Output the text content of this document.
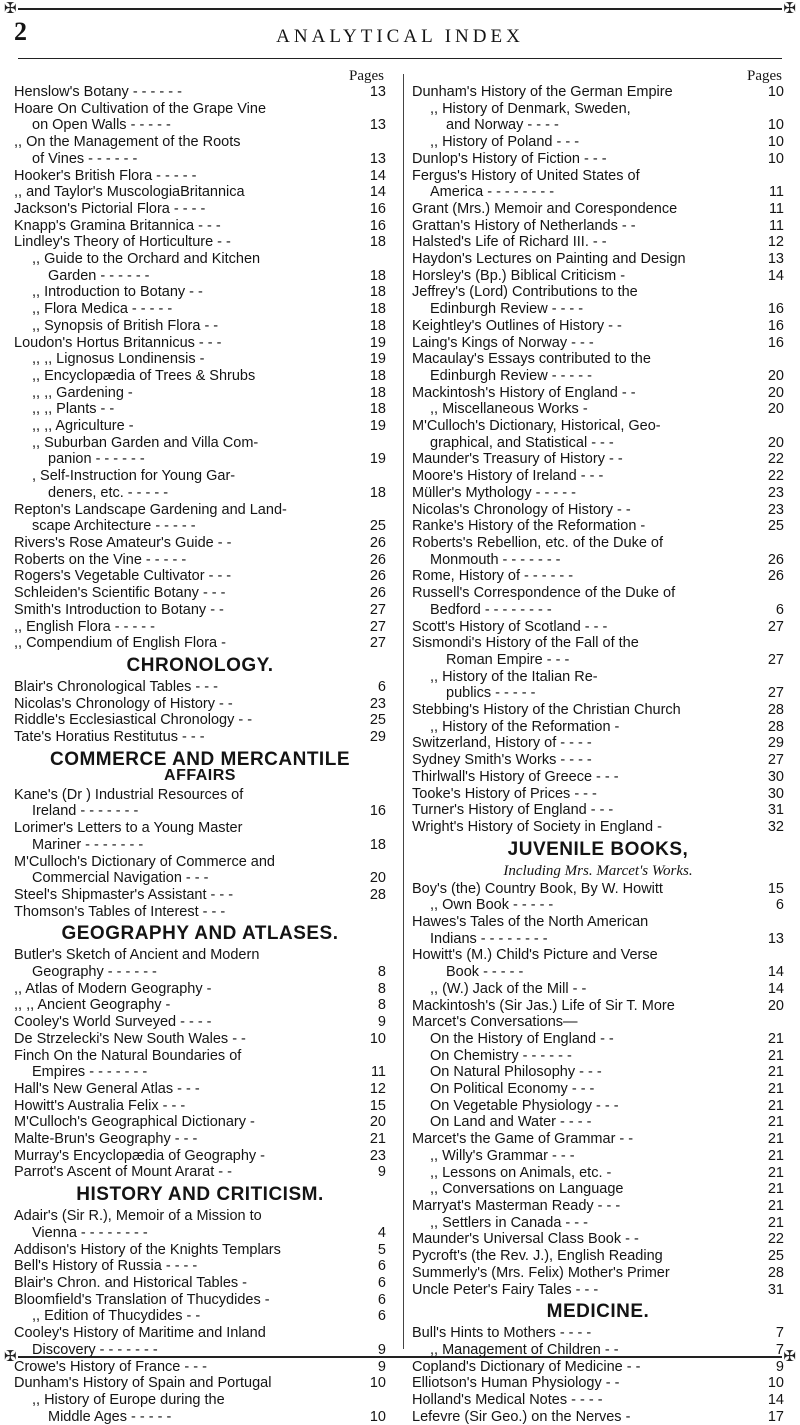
✠	✠
✠	✠
2	ANALYTICAL INDEX
Pages
Henslow's Botany - - - - - -	13
Hoare On Cultivation of the Grape Vine
on Open Walls - - - - -	13
,, On the Management of the Roots
of Vines - - - - - -	13
Hooker's British Flora - - - - -	14
,, and Taylor's MuscologiaBritannica	14
Jackson's Pictorial Flora - - - -	16
Knapp's Gramina Britannica - - -	16
Lindley's Theory of Horticulture - -	18
,, Guide to the Orchard and Kitchen
Garden - - - - - -	18
,, Introduction to Botany - -	18
,, Flora Medica - - - - -	18
,, Synopsis of British Flora - -	18
Loudon's Hortus Britannicus - - -	19
,, ,, Lignosus Londinensis -	19
,, Encyclopædia of Trees & Shrubs	18
,, ,, Gardening -	18
,, ,, Plants - -	18
,, ,, Agriculture -	19
,, Suburban Garden and Villa Com-
panion - - - - - -	19
, Self-Instruction for Young Gar-
deners, etc. - - - - -	18
Repton's Landscape Gardening and Land-
scape Architecture - - - - -	25
Rivers's Rose Amateur's Guide - -	26
Roberts on the Vine - - - - -	26
Rogers's Vegetable Cultivator - - -	26
Schleiden's Scientific Botany - - -	26
Smith's Introduction to Botany - -	27
,, English Flora - - - - -	27
,, Compendium of English Flora -	27
CHRONOLOGY.
Blair's Chronological Tables - - -	6
Nicolas's Chronology of History - -	23
Riddle's Ecclesiastical Chronology - -	25
Tate's Horatius Restitutus - - -	29
COMMERCE AND MERCANTILE
AFFAIRS
Kane's (Dr ) Industrial Resources of
Ireland - - - - - - -	16
Lorimer's Letters to a Young Master
Mariner - - - - - - -	18
M'Culloch's Dictionary of Commerce and
Commercial Navigation - - -	20
Steel's Shipmaster's Assistant - - -	28
Thomson's Tables of Interest - - -
GEOGRAPHY AND ATLASES.
Butler's Sketch of Ancient and Modern
Geography - - - - - -	8
,, Atlas of Modern Geography -	8
,, ,, Ancient Geography -	8
Cooley's World Surveyed - - - -	9
De Strzelecki's New South Wales - -	10
Finch On the Natural Boundaries of
Empires - - - - - - -	11
Hall's New General Atlas - - -	12
Howitt's Australia Felix - - -	15
M'Culloch's Geographical Dictionary -	20
Malte-Brun's Geography - - -	21
Murray's Encyclopædia of Geography -	23
Parrot's Ascent of Mount Ararat - -	9
HISTORY AND CRITICISM.
Adair's (Sir R.), Memoir of a Mission to
Vienna - - - - - - - -	4
Addison's History of the Knights Templars	5
Bell's History of Russia - - - -	6
Blair's Chron. and Historical Tables -	6
Bloomfield's Translation of Thucydides -	6
,, Edition of Thucydides - -	6
Cooley's History of Maritime and Inland
Discovery - - - - - - -	9
Crowe's History of France - - -	9
Dunham's History of Spain and Portugal	10
,, History of Europe during the
Middle Ages - - - - -	10
Pages
Dunham's History of the German Empire	10
,, History of Denmark, Sweden,
and Norway - - - -	10
,, History of Poland - - -	10
Dunlop's History of Fiction - - -	10
Fergus's History of United States of
America - - - - - - - -	11
Grant (Mrs.) Memoir and Corespondence	11
Grattan's History of Netherlands - -	11
Halsted's Life of Richard III. - -	12
Haydon's Lectures on Painting and Design	13
Horsley's (Bp.) Biblical Criticism -	14
Jeffrey's (Lord) Contributions to the
Edinburgh Review - - - -	16
Keightley's Outlines of History - -	16
Laing's Kings of Norway - - -	16
Macaulay's Essays contributed to the
Edinburgh Review - - - - -	20
Mackintosh's History of England - -	20
,, Miscellaneous Works -	20
M'Culloch's Dictionary, Historical, Geo-
graphical, and Statistical - - -	20
Maunder's Treasury of History - -	22
Moore's History of Ireland - - -	22
Müller's Mythology - - - - -	23
Nicolas's Chronology of History - -	23
Ranke's History of the Reformation -	25
Roberts's Rebellion, etc. of the Duke of
Monmouth - - - - - - -	26
Rome, History of - - - - - -	26
Russell's Correspondence of the Duke of
Bedford - - - - - - - -	6
Scott's History of Scotland - - -	27
Sismondi's History of the Fall of the
Roman Empire - - -	27
,, History of the Italian Re-
publics - - - - -	27
Stebbing's History of the Christian Church	28
,, History of the Reformation -	28
Switzerland, History of - - - -	29
Sydney Smith's Works - - - -	27
Thirlwall's History of Greece - - -	30
Tooke's History of Prices - - -	30
Turner's History of England - - -	31
Wright's History of Society in England -	32
JUVENILE BOOKS,
Including Mrs. Marcet's Works.
Boy's (the) Country Book, By W. Howitt	15
,, Own Book - - - - -	6
Hawes's Tales of the North American
Indians - - - - - - - -	13
Howitt's (M.) Child's Picture and Verse
Book - - - - -	14
,, (W.) Jack of the Mill - -	14
Mackintosh's (Sir Jas.) Life of Sir T. More	20
Marcet's Conversations—
On the History of England - -	21
On Chemistry - - - - - -	21
On Natural Philosophy - - -	21
On Political Economy - - -	21
On Vegetable Physiology - - -	21
On Land and Water - - - -	21
Marcet's the Game of Grammar - -	21
,, Willy's Grammar - - -	21
,, Lessons on Animals, etc. -	21
,, Conversations on Language	21
Marryat's Masterman Ready - - -	21
,, Settlers in Canada - - -	21
Maunder's Universal Class Book - -	22
Pycroft's (the Rev. J.), English Reading	25
Summerly's (Mrs. Felix) Mother's Primer	28
Uncle Peter's Fairy Tales - - -	31
MEDICINE.
Bull's Hints to Mothers - - - -	7
,, Management of Children - -	7
Copland's Dictionary of Medicine - -	9
Elliotson's Human Physiology - -	10
Holland's Medical Notes - - - -	14
Lefevre (Sir Geo.) on the Nerves -	17
